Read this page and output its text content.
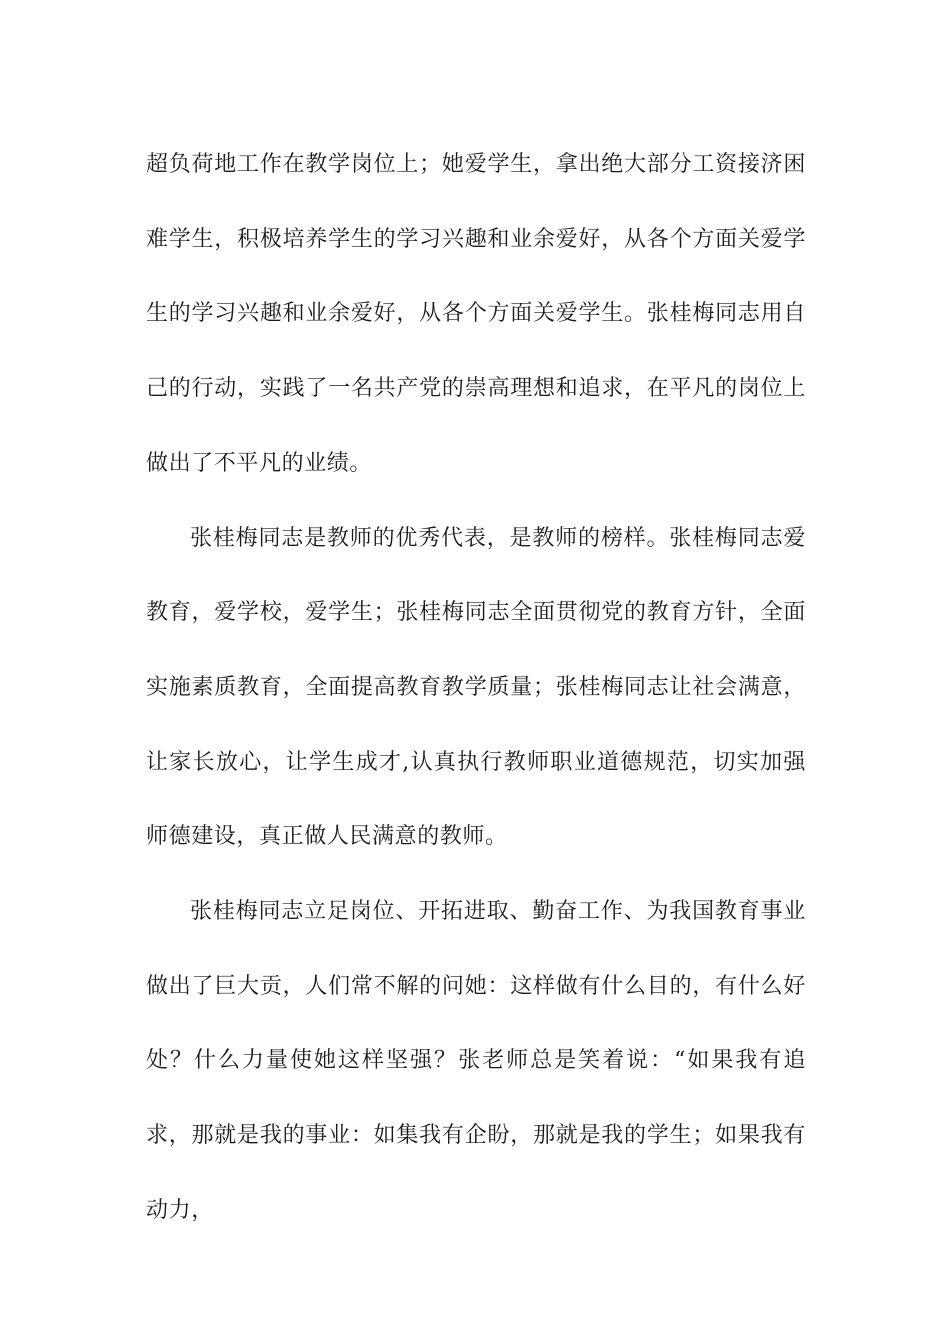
超负荷地工作在教学岗位上；她爱学生，拿出绝大部分工资接济困难学生，积极培养学生的学习兴趣和业余爱好，从各个方面关爱学生的学习兴趣和业余爱好，从各个方面关爱学生。张桂梅同志用自己的行动，实践了一名共产党的崇高理想和追求，在平凡的岗位上做出了不平凡的业绩。

张桂梅同志是教师的优秀代表，是教师的榜样。张桂梅同志爱教育，爱学校，爱学生；张桂梅同志全面贯彻党的教育方针，全面实施素质教育，全面提高教育教学质量；张桂梅同志让社会满意，让家长放心，让学生成才,认真执行教师职业道德规范，切实加强师德建设，真正做人民满意的教师。

张桂梅同志立足岗位、开拓进取、勤奋工作、为我国教育事业做出了巨大贡，人们常不解的问她：这样做有什么目的，有什么好处？什么力量使她这样坚强？张老师总是笑着说：“如果我有追求，那就是我的事业：如集我有企盼，那就是我的学生；如果我有动力，
